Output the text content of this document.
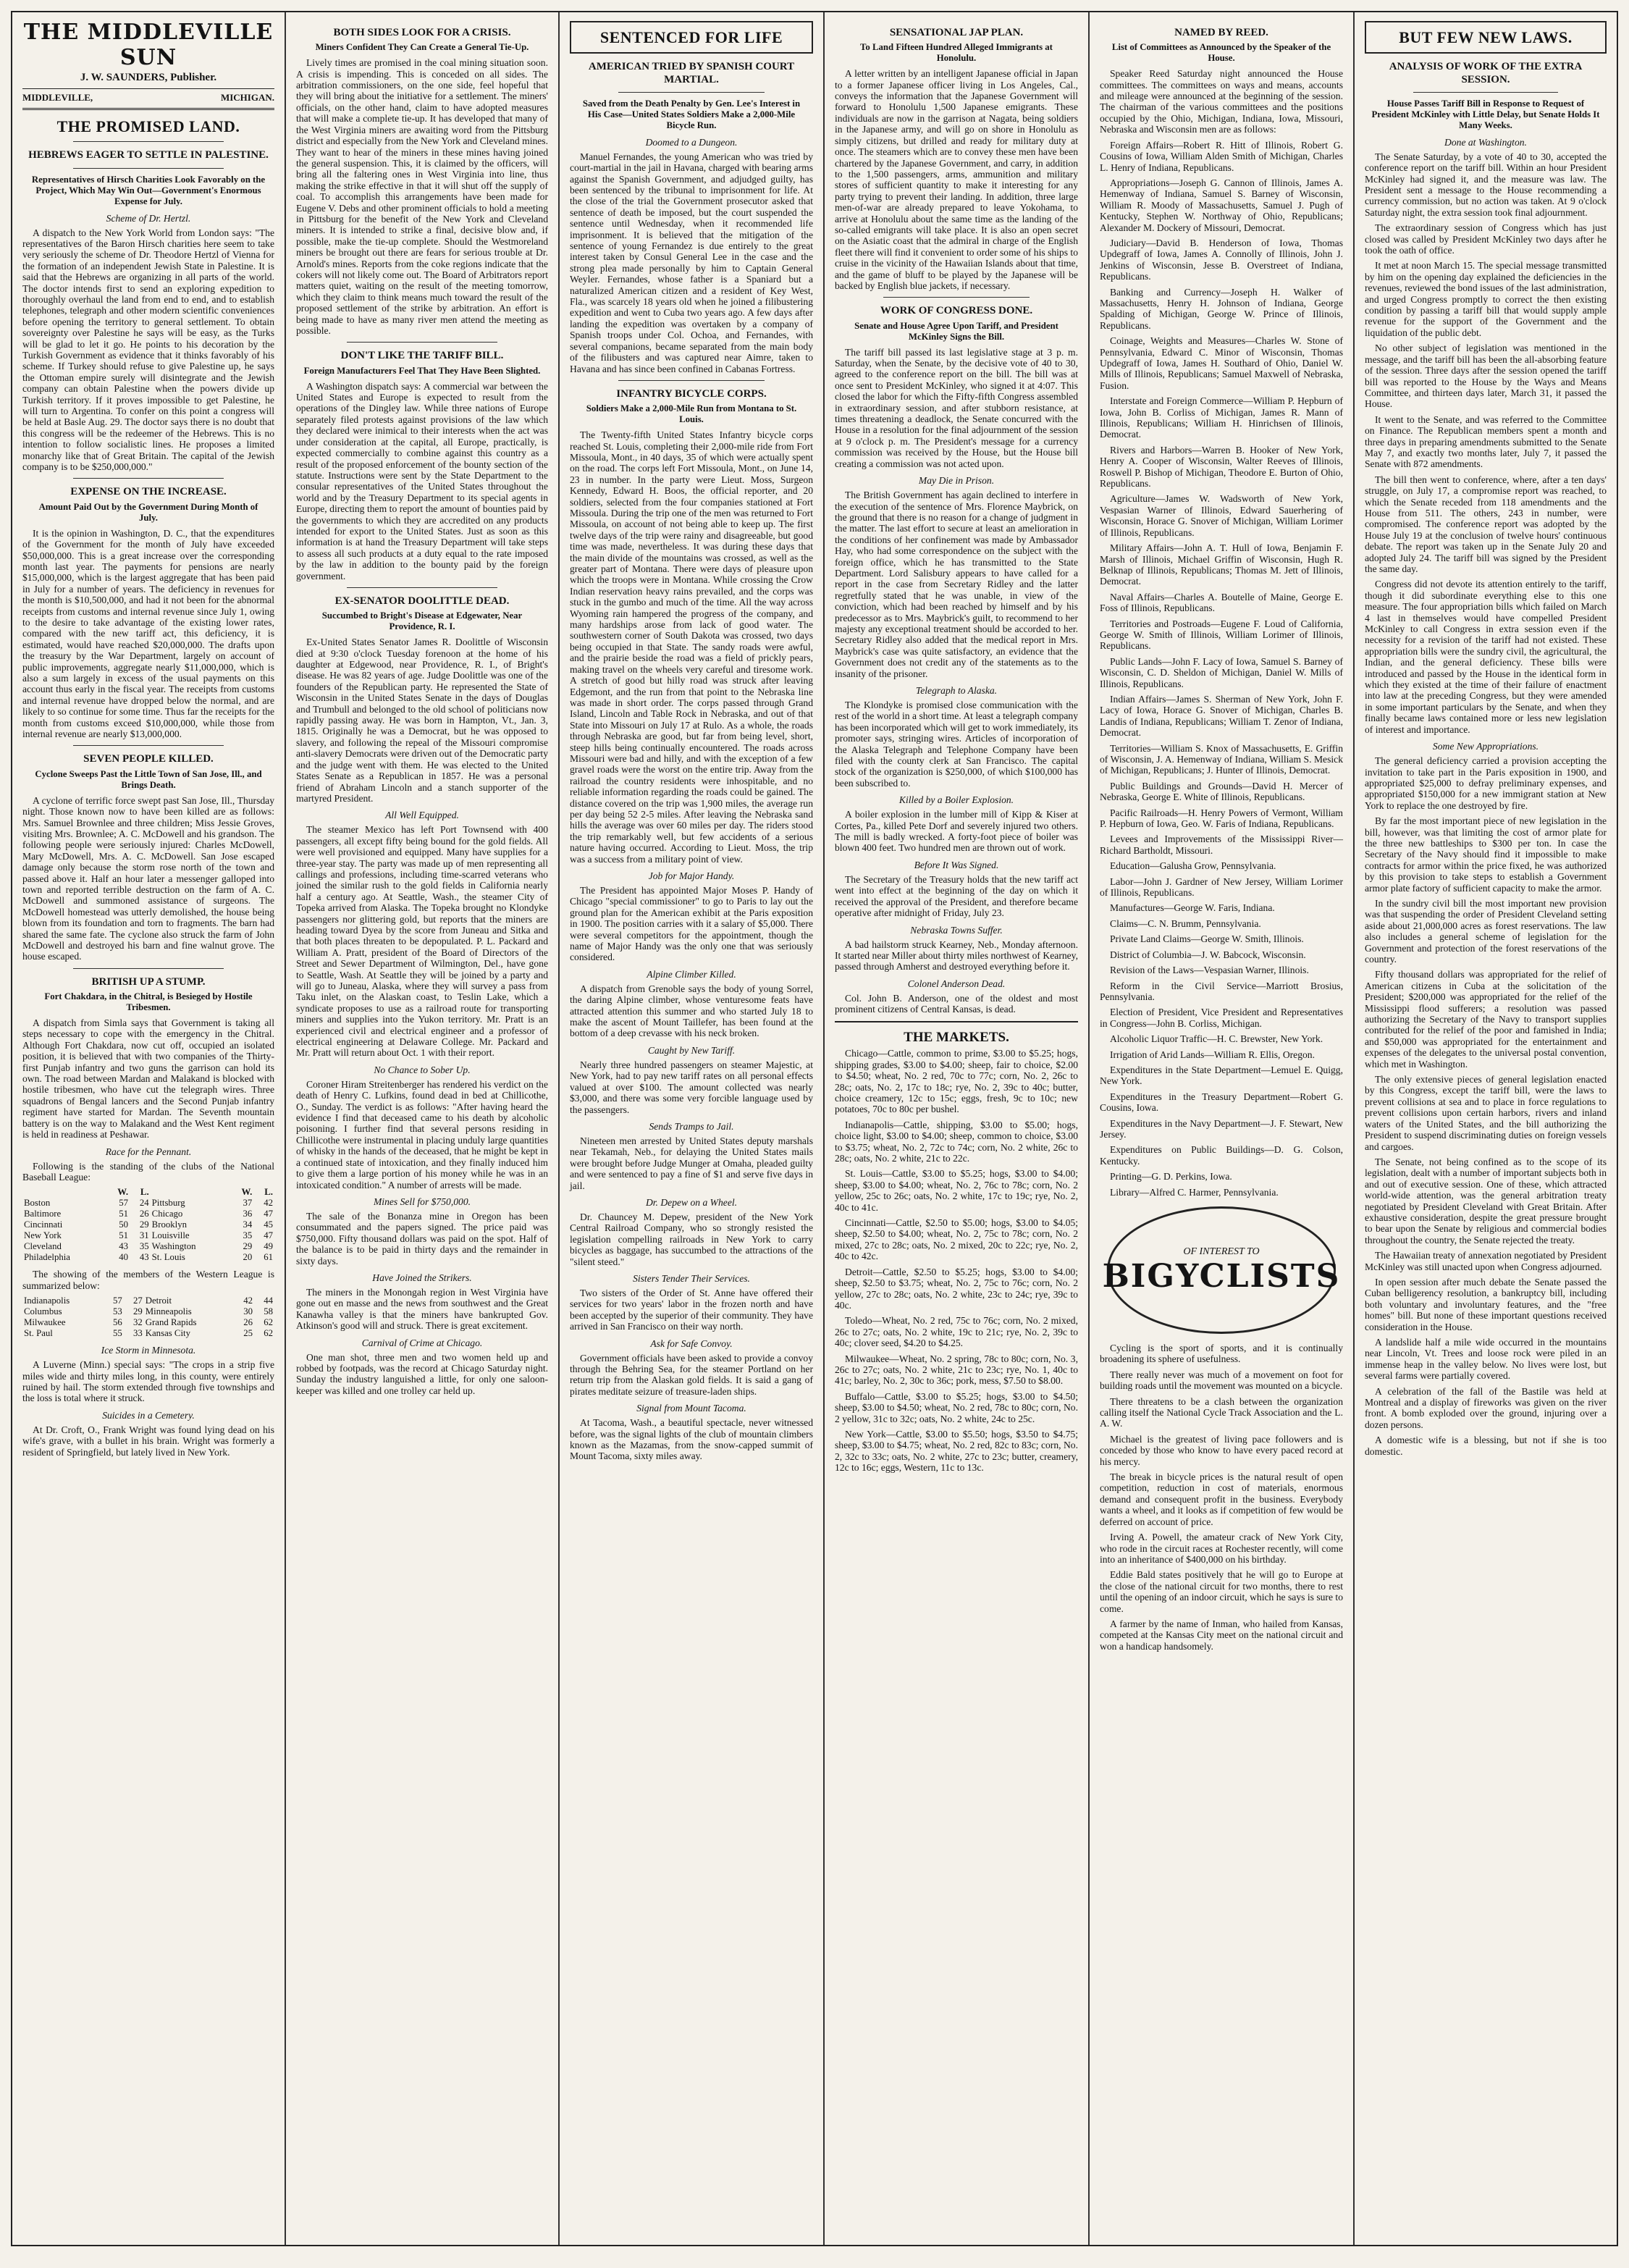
THE MIDDLEVILLE SUN
J. W. SAUNDERS, Publisher.
MIDDLEVILLE,	MICHIGAN.
THE PROMISED LAND.
HEBREWS EAGER TO SETTLE IN PALESTINE.
Representatives of Hirsch Charities Look Favorably on the Project, Which May Win Out—Government's Enormous Expense for July.
Scheme of Dr. Hertzl.

A dispatch to the New York World from London says: "The representatives of the Baron Hirsch charities here seem to take very seriously the scheme of Dr. Theodore Hertzl of Vienna for the formation of an independent Jewish State in Palestine. It is said that the Hebrews are organizing in all parts of the world. The doctor intends first to send an exploring expedition to thoroughly overhaul the land from end to end, and to establish telephones, telegraph and other modern scientific conveniences before opening the territory to general settlement. To obtain sovereignty over Palestine he says will be easy, as the Turks will be glad to let it go. He points to his decoration by the Turkish Government as evidence that it thinks favorably of his scheme. If Turkey should refuse to give Palestine up, he says the Ottoman empire surely will disintegrate and the Jewish company can obtain Palestine when the powers divide up Turkish territory. If it proves impossible to get Palestine, he will turn to Argentina. To confer on this point a congress will be held at Basle Aug. 29. The doctor says there is no doubt that this congress will be the redeemer of the Hebrews. This is no intention to follow socialistic lines. He proposes a limited monarchy like that of Great Britain. The capital of the Jewish company is to be $250,000,000."

EXPENSE ON THE INCREASE.
Amount Paid Out by the Government During Month of July.

It is the opinion in Washington, D. C., that the expenditures of the Government for the month of July have exceeded $50,000,000. This is a great increase over the corresponding month last year. The payments for pensions are nearly $15,000,000, which is the largest aggregate that has been paid in July for a number of years. The deficiency in revenues for the month is $10,500,000, and had it not been for the abnormal receipts from customs and internal revenue since July 1, owing to the desire to take advantage of the existing lower rates, compared with the new tariff act, this deficiency, it is estimated, would have reached $20,000,000. The drafts upon the treasury by the War Department, largely on account of public improvements, aggregate nearly $11,000,000, which is also a sum largely in excess of the usual payments on this account thus early in the fiscal year. The receipts from customs and internal revenue have dropped below the normal, and are likely to so continue for some time. Thus far the receipts for the month from customs exceed $10,000,000, while those from internal revenue are nearly $13,000,000.

SEVEN PEOPLE KILLED.
Cyclone Sweeps Past the Little Town of San Jose, Ill., and Brings Death.

A cyclone of terrific force swept past San Jose, Ill., Thursday night. Those known now to have been killed are as follows: Mrs. Samuel Brownlee and three children; Miss Jessie Groves, visiting Mrs. Brownlee; A. C. McDowell and his grandson. The following people were seriously injured: Charles McDowell, Mary McDowell, Mrs. A. C. McDowell. San Jose escaped damage only because the storm rose north of the town and passed above it. Half an hour later a messenger galloped into town and reported terrible destruction on the farm of A. C. McDowell and summoned assistance of surgeons. The McDowell homestead was utterly demolished, the house being blown from its foundation and torn to fragments. The barn had shared the same fate. The cyclone also struck the farm of John McDowell and destroyed his barn and fine walnut grove. The house escaped.

BRITISH UP A STUMP.
Fort Chakdara, in the Chitral, is Besieged by Hostile Tribesmen.

A dispatch from Simla says that Government is taking all steps necessary to cope with the emergency in the Chitral. Although Fort Chakdara, now cut off, occupied an isolated position, it is believed that with two companies of the Thirty-first Punjab infantry and two guns the garrison can hold its own. The road between Mardan and Malakand is blocked with hostile tribesmen, who have cut the telegraph wires. Three squadrons of Bengal lancers and the Second Punjab infantry regiment have started for Mardan. The Seventh mountain battery is on the way to Malakand and the West Kent regiment is held in readiness at Peshawar.

Race for the Pennant.

Following is the standing of the clubs of the National Baseball League:

	W.	L.		W.	L.
Boston	57	24	Pittsburg	37	42
Baltimore	51	26	Chicago	36	47
Cincinnati	50	29	Brooklyn	34	45
New York	51	31	Louisville	35	47
Cleveland	43	35	Washington	29	49
Philadelphia	40	43	St. Louis	20	61

The showing of the members of the Western League is summarized below:

Indianapolis	57	27	Detroit	42	44
Columbus	53	29	Minneapolis	30	58
Milwaukee	56	32	Grand Rapids	26	62
St. Paul	55	33	Kansas City	25	62
Ice Storm in Minnesota.

A Luverne (Minn.) special says: "The crops in a strip five miles wide and thirty miles long, in this county, were entirely ruined by hail. The storm extended through five townships and the loss is total where it struck.

Suicides in a Cemetery.

At Dr. Croft, O., Frank Wright was found lying dead on his wife's grave, with a bullet in his brain. Wright was formerly a resident of Springfield, but lately lived in New York.

BOTH SIDES LOOK FOR A CRISIS.
Miners Confident They Can Create a General Tie-Up.

Lively times are promised in the coal mining situation soon. A crisis is impending. This is conceded on all sides. The arbitration commissioners, on the one side, feel hopeful that they will bring about the initiative for a settlement. The miners' officials, on the other hand, claim to have adopted measures that will make a complete tie-up. It has developed that many of the West Virginia miners are awaiting word from the Pittsburg district and especially from the New York and Cleveland mines. They want to hear of the miners in these mines having joined the general suspension. This, it is claimed by the officers, will bring all the faltering ones in West Virginia into line, thus making the strike effective in that it will shut off the supply of coal. To accomplish this arrangements have been made for Eugene V. Debs and other prominent officials to hold a meeting in Pittsburg for the benefit of the New York and Cleveland miners. It is intended to strike a final, decisive blow and, if possible, make the tie-up complete. Should the Westmoreland miners be brought out there are fears for serious trouble at Dr. Arnold's mines. Reports from the coke regions indicate that the cokers will not likely come out. The Board of Arbitrators report matters quiet, waiting on the result of the meeting tomorrow, which they claim to think means much toward the result of the proposed settlement of the strike by arbitration. An effort is being made to have as many river men attend the meeting as possible.

DON'T LIKE THE TARIFF BILL.
Foreign Manufacturers Feel That They Have Been Slighted.

A Washington dispatch says: A commercial war between the United States and Europe is expected to result from the operations of the Dingley law. While three nations of Europe separately filed protests against provisions of the law which they declared were inimical to their interests when the act was under consideration at the capital, all Europe, practically, is expected commercially to combine against this country as a result of the proposed enforcement of the bounty section of the statute. Instructions were sent by the State Department to the consular representatives of the United States throughout the world and by the Treasury Department to its special agents in Europe, directing them to report the amount of bounties paid by the governments to which they are accredited on any products intended for export to the United States. Just as soon as this information is at hand the Treasury Department will take steps to assess all such products at a duty equal to the rate imposed by the law in addition to the bounty paid by the foreign government.

EX-SENATOR DOOLITTLE DEAD.
Succumbed to Bright's Disease at Edgewater, Near Providence, R. I.

Ex-United States Senator James R. Doolittle of Wisconsin died at 9:30 o'clock Tuesday forenoon at the home of his daughter at Edgewood, near Providence, R. I., of Bright's disease. He was 82 years of age. Judge Doolittle was one of the founders of the Republican party. He represented the State of Wisconsin in the United States Senate in the days of Douglas and Trumbull and belonged to the old school of politicians now rapidly passing away. He was born in Hampton, Vt., Jan. 3, 1815. Originally he was a Democrat, but he was opposed to slavery, and following the repeal of the Missouri compromise anti-slavery Democrats were driven out of the Democratic party and the judge went with them. He was elected to the United States Senate as a Republican in 1857. He was a personal friend of Abraham Lincoln and a stanch supporter of the martyred President.

All Well Equipped.

The steamer Mexico has left Port Townsend with 400 passengers, all except fifty being bound for the gold fields. All were well provisioned and equipped. Many have supplies for a three-year stay. The party was made up of men representing all callings and professions, including time-scarred veterans who joined the similar rush to the gold fields in California nearly half a century ago. At Seattle, Wash., the steamer City of Topeka arrived from Alaska. The Topeka brought no Klondyke passengers nor glittering gold, but reports that the miners are heading toward Dyea by the score from Juneau and Sitka and that both places threaten to be depopulated. P. L. Packard and William A. Pratt, president of the Board of Directors of the Street and Sewer Department of Wilmington, Del., have gone to Seattle, Wash. At Seattle they will be joined by a party and will go to Juneau, Alaska, where they will survey a pass from Taku inlet, on the Alaskan coast, to Teslin Lake, which a syndicate proposes to use as a railroad route for transporting miners and supplies into the Yukon territory. Mr. Pratt is an experienced civil and electrical engineer and a professor of electrical engineering at Delaware College. Mr. Packard and Mr. Pratt will return about Oct. 1 with their report.

No Chance to Sober Up.

Coroner Hiram Streitenberger has rendered his verdict on the death of Henry C. Lufkins, found dead in bed at Chillicothe, O., Sunday. The verdict is as follows: "After having heard the evidence I find that deceased came to his death by alcoholic poisoning. I further find that several persons residing in Chillicothe were instrumental in placing unduly large quantities of whisky in the hands of the deceased, that he might be kept in a continued state of intoxication, and they finally induced him to give them a large portion of his money while he was in an intoxicated condition." A number of arrests will be made.

Mines Sell for $750,000.

The sale of the Bonanza mine in Oregon has been consummated and the papers signed. The price paid was $750,000. Fifty thousand dollars was paid on the spot. Half of the balance is to be paid in thirty days and the remainder in sixty days.

Have Joined the Strikers.

The miners in the Monongah region in West Virginia have gone out en masse and the news from southwest and the Great Kanawha valley is that the miners have bankrupted Gov. Atkinson's good will and struck. There is great excitement.

Carnival of Crime at Chicago.

One man shot, three men and two women held up and robbed by footpads, was the record at Chicago Saturday night. Sunday the industry languished a little, for only one saloon-keeper was killed and one trolley car held up.

SENTENCED FOR LIFE
AMERICAN TRIED BY SPANISH COURT MARTIAL.
Saved from the Death Penalty by Gen. Lee's Interest in His Case—United States Soldiers Make a 2,000-Mile Bicycle Run.
Doomed to a Dungeon.

Manuel Fernandes, the young American who was tried by court-martial in the jail in Havana, charged with bearing arms against the Spanish Government, and adjudged guilty, has been sentenced by the tribunal to imprisonment for life. At the close of the trial the Government prosecutor asked that sentence of death be imposed, but the court suspended the sentence until Wednesday, when it recommended life imprisonment. It is believed that the mitigation of the sentence of young Fernandez is due entirely to the great interest taken by Consul General Lee in the case and the strong plea made personally by him to Captain General Weyler. Fernandes, whose father is a Spaniard but a naturalized American citizen and a resident of Key West, Fla., was scarcely 18 years old when he joined a filibustering expedition and went to Cuba two years ago. A few days after landing the expedition was overtaken by a company of Spanish troops under Col. Ochoa, and Fernandes, with several companions, became separated from the main body of the filibusters and was captured near Aimre, taken to Havana and has since been confined in Cabanas Fortress.

INFANTRY BICYCLE CORPS.
Soldiers Make a 2,000-Mile Run from Montana to St. Louis.

The Twenty-fifth United States Infantry bicycle corps reached St. Louis, completing their 2,000-mile ride from Fort Missoula, Mont., in 40 days, 35 of which were actually spent on the road. The corps left Fort Missoula, Mont., on June 14, 23 in number. In the party were Lieut. Moss, Surgeon Kennedy, Edward H. Boos, the official reporter, and 20 soldiers, selected from the four companies stationed at Fort Missoula. During the trip one of the men was returned to Fort Missoula, on account of not being able to keep up. The first twelve days of the trip were rainy and disagreeable, but good time was made, nevertheless. It was during these days that the main divide of the mountains was crossed, as well as the greater part of Montana. There were days of pleasure upon which the troops were in Montana. While crossing the Crow Indian reservation heavy rains prevailed, and the corps was stuck in the gumbo and much of the time. All the way across Wyoming rain hampered the progress of the company, and many hardships arose from lack of good water. The southwestern corner of South Dakota was crossed, two days being occupied in that State. The sandy roads were awful, and the prairie beside the road was a field of prickly pears, making travel on the wheels very careful and tiresome work. A stretch of good but hilly road was struck after leaving Edgemont, and the run from that point to the Nebraska line was made in short order. The corps passed through Grand Island, Lincoln and Table Rock in Nebraska, and out of that State into Missouri on July 17 at Rulo. As a whole, the roads through Nebraska are good, but far from being level, short, steep hills being continually encountered. The roads across Missouri were bad and hilly, and with the exception of a few gravel roads were the worst on the entire trip. Away from the railroad the country residents were inhospitable, and no reliable information regarding the roads could be gained. The distance covered on the trip was 1,900 miles, the average run per day being 52 2-5 miles. After leaving the Nebraska sand hills the average was over 60 miles per day. The riders stood the trip remarkably well, but few accidents of a serious nature having occurred. According to Lieut. Moss, the trip was a success from a military point of view.

Job for Major Handy.

The President has appointed Major Moses P. Handy of Chicago "special commissioner" to go to Paris to lay out the ground plan for the American exhibit at the Paris exposition in 1900. The position carries with it a salary of $5,000. There were several competitors for the appointment, though the name of Major Handy was the only one that was seriously considered.

Alpine Climber Killed.

A dispatch from Grenoble says the body of young Sorrel, the daring Alpine climber, whose venturesome feats have attracted attention this summer and who started July 18 to make the ascent of Mount Taillefer, has been found at the bottom of a deep crevasse with his neck broken.

Caught by New Tariff.

Nearly three hundred passengers on steamer Majestic, at New York, had to pay new tariff rates on all personal effects valued at over $100. The amount collected was nearly $3,000, and there was some very forcible language used by the passengers.

Sends Tramps to Jail.

Nineteen men arrested by United States deputy marshals near Tekamah, Neb., for delaying the United States mails were brought before Judge Munger at Omaha, pleaded guilty and were sentenced to pay a fine of $1 and serve five days in jail.

Dr. Depew on a Wheel.

Dr. Chauncey M. Depew, president of the New York Central Railroad Company, who so strongly resisted the legislation compelling railroads in New York to carry bicycles as baggage, has succumbed to the attractions of the "silent steed."

Sisters Tender Their Services.

Two sisters of the Order of St. Anne have offered their services for two years' labor in the frozen north and have been accepted by the superior of their community. They have arrived in San Francisco on their way north.

Ask for Safe Convoy.

Government officials have been asked to provide a convoy through the Behring Sea, for the steamer Portland on her return trip from the Alaskan gold fields. It is said a gang of pirates meditate seizure of treasure-laden ships.

Signal from Mount Tacoma.

At Tacoma, Wash., a beautiful spectacle, never witnessed before, was the signal lights of the club of mountain climbers known as the Mazamas, from the snow-capped summit of Mount Tacoma, sixty miles away.

SENSATIONAL JAP PLAN.
To Land Fifteen Hundred Alleged Immigrants at Honolulu.

A letter written by an intelligent Japanese official in Japan to a former Japanese officer living in Los Angeles, Cal., conveys the information that the Japanese Government will forward to Honolulu 1,500 Japanese emigrants. These individuals are now in the garrison at Nagata, being soldiers in the Japanese army, and will go on shore in Honolulu as simply citizens, but drilled and ready for military duty at once. The steamers which are to convey these men have been chartered by the Japanese Government, and carry, in addition to the 1,500 passengers, arms, ammunition and military stores of sufficient quantity to make it interesting for any party trying to prevent their landing. In addition, three large men-of-war are already prepared to leave Yokohama, to arrive at Honolulu about the same time as the landing of the so-called emigrants will take place. It is also an open secret on the Asiatic coast that the admiral in charge of the English fleet there will find it convenient to order some of his ships to cruise in the vicinity of the Hawaiian Islands about that time, and the game of bluff to be played by the Japanese will be backed by English blue jackets, if necessary.

WORK OF CONGRESS DONE.
Senate and House Agree Upon Tariff, and President McKinley Signs the Bill.

The tariff bill passed its last legislative stage at 3 p. m. Saturday, when the Senate, by the decisive vote of 40 to 30, agreed to the conference report on the bill. The bill was at once sent to President McKinley, who signed it at 4:07. This closed the labor for which the Fifty-fifth Congress assembled in extraordinary session, and after stubborn resistance, at times threatening a deadlock, the Senate concurred with the House in a resolution for the final adjournment of the session at 9 o'clock p. m. The President's message for a currency commission was received by the House, but the House bill creating a commission was not acted upon.

May Die in Prison.

The British Government has again declined to interfere in the execution of the sentence of Mrs. Florence Maybrick, on the ground that there is no reason for a change of judgment in the matter. The last effort to secure at least an amelioration in the conditions of her confinement was made by Ambassador Hay, who had some correspondence on the subject with the foreign office, which he has transmitted to the State Department. Lord Salisbury appears to have called for a report in the case from Secretary Ridley and the latter regretfully stated that he was unable, in view of the conviction, which had been reached by himself and by his predecessor as to Mrs. Maybrick's guilt, to recommend to her majesty any exceptional treatment should be accorded to her. Secretary Ridley also added that the medical report in Mrs. Maybrick's case was quite satisfactory, an evidence that the Government does not credit any of the statements as to the insanity of the prisoner.

Telegraph to Alaska.

The Klondyke is promised close communication with the rest of the world in a short time. At least a telegraph company has been incorporated which will get to work immediately, its promoter says, stringing wires. Articles of incorporation of the Alaska Telegraph and Telephone Company have been filed with the county clerk at San Francisco. The capital stock of the organization is $250,000, of which $100,000 has been subscribed to.

Killed by a Boiler Explosion.

A boiler explosion in the lumber mill of Kipp & Kiser at Cortes, Pa., killed Pete Dorf and severely injured two others. The mill is badly wrecked. A forty-foot piece of boiler was blown 400 feet. Two hundred men are thrown out of work.

Before It Was Signed.

The Secretary of the Treasury holds that the new tariff act went into effect at the beginning of the day on which it received the approval of the President, and therefore became operative after midnight of Friday, July 23.

Nebraska Towns Suffer.

A bad hailstorm struck Kearney, Neb., Monday afternoon. It started near Miller about thirty miles northwest of Kearney, passed through Amherst and destroyed everything before it.

Colonel Anderson Dead.

Col. John B. Anderson, one of the oldest and most prominent citizens of Central Kansas, is dead.

THE MARKETS.

Chicago—Cattle, common to prime, $3.00 to $5.25; hogs, shipping grades, $3.00 to $4.00; sheep, fair to choice, $2.00 to $4.50; wheat, No. 2 red, 70c to 77c; corn, No. 2, 26c to 28c; oats, No. 2, 17c to 18c; rye, No. 2, 39c to 40c; butter, choice creamery, 12c to 15c; eggs, fresh, 9c to 10c; new potatoes, 70c to 80c per bushel.

Indianapolis—Cattle, shipping, $3.00 to $5.00; hogs, choice light, $3.00 to $4.00; sheep, common to choice, $3.00 to $3.75; wheat, No. 2, 72c to 74c; corn, No. 2 white, 26c to 28c; oats, No. 2 white, 21c to 22c.

St. Louis—Cattle, $3.00 to $5.25; hogs, $3.00 to $4.00; sheep, $3.00 to $4.00; wheat, No. 2, 76c to 78c; corn, No. 2 yellow, 25c to 26c; oats, No. 2 white, 17c to 19c; rye, No. 2, 40c to 41c.

Cincinnati—Cattle, $2.50 to $5.00; hogs, $3.00 to $4.05; sheep, $2.50 to $4.00; wheat, No. 2, 75c to 78c; corn, No. 2 mixed, 27c to 28c; oats, No. 2 mixed, 20c to 22c; rye, No. 2, 40c to 42c.

Detroit—Cattle, $2.50 to $5.25; hogs, $3.00 to $4.00; sheep, $2.50 to $3.75; wheat, No. 2, 75c to 76c; corn, No. 2 yellow, 27c to 28c; oats, No. 2 white, 23c to 24c; rye, 39c to 40c.

Toledo—Wheat, No. 2 red, 75c to 76c; corn, No. 2 mixed, 26c to 27c; oats, No. 2 white, 19c to 21c; rye, No. 2, 39c to 40c; clover seed, $4.20 to $4.25.

Milwaukee—Wheat, No. 2 spring, 78c to 80c; corn, No. 3, 26c to 27c; oats, No. 2 white, 21c to 23c; rye, No. 1, 40c to 41c; barley, No. 2, 30c to 36c; pork, mess, $7.50 to $8.00.

Buffalo—Cattle, $3.00 to $5.25; hogs, $3.00 to $4.50; sheep, $3.00 to $4.50; wheat, No. 2 red, 78c to 80c; corn, No. 2 yellow, 31c to 32c; oats, No. 2 white, 24c to 25c.

New York—Cattle, $3.00 to $5.50; hogs, $3.50 to $4.75; sheep, $3.00 to $4.75; wheat, No. 2 red, 82c to 83c; corn, No. 2, 32c to 33c; oats, No. 2 white, 27c to 23c; butter, creamery, 12c to 16c; eggs, Western, 11c to 13c.

NAMED BY REED.
List of Committees as Announced by the Speaker of the House.

Speaker Reed Saturday night announced the House committees. The committees on ways and means, accounts and mileage were announced at the beginning of the session. The chairman of the various committees and the positions occupied by the Ohio, Michigan, Indiana, Iowa, Missouri, Nebraska and Wisconsin men are as follows:

Foreign Affairs—Robert R. Hitt of Illinois, Robert G. Cousins of Iowa, William Alden Smith of Michigan, Charles L. Henry of Indiana, Republicans.

Appropriations—Joseph G. Cannon of Illinois, James A. Hemenway of Indiana, Samuel S. Barney of Wisconsin, William R. Moody of Massachusetts, Samuel J. Pugh of Kentucky, Stephen W. Northway of Ohio, Republicans; Alexander M. Dockery of Missouri, Democrat.

Judiciary—David B. Henderson of Iowa, Thomas Updegraff of Iowa, James A. Connolly of Illinois, John J. Jenkins of Wisconsin, Jesse B. Overstreet of Indiana, Republicans.

Banking and Currency—Joseph H. Walker of Massachusetts, Henry H. Johnson of Indiana, George Spalding of Michigan, George W. Prince of Illinois, Republicans.

Coinage, Weights and Measures—Charles W. Stone of Pennsylvania, Edward C. Minor of Wisconsin, Thomas Updegraff of Iowa, James H. Southard of Ohio, Daniel W. Mills of Illinois, Republicans; Samuel Maxwell of Nebraska, Fusion.

Interstate and Foreign Commerce—William P. Hepburn of Iowa, John B. Corliss of Michigan, James R. Mann of Illinois, Republicans; William H. Hinrichsen of Illinois, Democrat.

Rivers and Harbors—Warren B. Hooker of New York, Henry A. Cooper of Wisconsin, Walter Reeves of Illinois, Roswell P. Bishop of Michigan, Theodore E. Burton of Ohio, Republicans.

Agriculture—James W. Wadsworth of New York, Vespasian Warner of Illinois, Edward Sauerhering of Wisconsin, Horace G. Snover of Michigan, William Lorimer of Illinois, Republicans.

Military Affairs—John A. T. Hull of Iowa, Benjamin F. Marsh of Illinois, Michael Griffin of Wisconsin, Hugh R. Belknap of Illinois, Republicans; Thomas M. Jett of Illinois, Democrat.

Naval Affairs—Charles A. Boutelle of Maine, George E. Foss of Illinois, Republicans.

Territories and Postroads—Eugene F. Loud of California, George W. Smith of Illinois, William Lorimer of Illinois, Republicans.

Public Lands—John F. Lacy of Iowa, Samuel S. Barney of Wisconsin, C. D. Sheldon of Michigan, Daniel W. Mills of Illinois, Republicans.

Indian Affairs—James S. Sherman of New York, John F. Lacy of Iowa, Horace G. Snover of Michigan, Charles B. Landis of Indiana, Republicans; William T. Zenor of Indiana, Democrat.

Territories—William S. Knox of Massachusetts, E. Griffin of Wisconsin, J. A. Hemenway of Indiana, William S. Mesick of Michigan, Republicans; J. Hunter of Illinois, Democrat.

Public Buildings and Grounds—David H. Mercer of Nebraska, George E. White of Illinois, Republicans.

Pacific Railroads—H. Henry Powers of Vermont, William P. Hepburn of Iowa, Geo. W. Faris of Indiana, Republicans.

Levees and Improvements of the Mississippi River—Richard Bartholdt, Missouri.

Education—Galusha Grow, Pennsylvania.

Labor—John J. Gardner of New Jersey, William Lorimer of Illinois, Republicans.

Manufactures—George W. Faris, Indiana.

Claims—C. N. Brumm, Pennsylvania.

Private Land Claims—George W. Smith, Illinois.

District of Columbia—J. W. Babcock, Wisconsin.

Revision of the Laws—Vespasian Warner, Illinois.

Reform in the Civil Service—Marriott Brosius, Pennsylvania.

Election of President, Vice President and Representatives in Congress—John B. Corliss, Michigan.

Alcoholic Liquor Traffic—H. C. Brewster, New York.

Irrigation of Arid Lands—William R. Ellis, Oregon.

Expenditures in the State Department—Lemuel E. Quigg, New York.

Expenditures in the Treasury Department—Robert G. Cousins, Iowa.

Expenditures in the Navy Department—J. F. Stewart, New Jersey.

Expenditures on Public Buildings—D. G. Colson, Kentucky.

Printing—G. D. Perkins, Iowa.

Library—Alfred C. Harmer, Pennsylvania.

OF INTEREST TO
BIGYCLISTS

Cycling is the sport of sports, and it is continually broadening its sphere of usefulness.

There really never was much of a movement on foot for building roads until the movement was mounted on a bicycle.

There threatens to be a clash between the organization calling itself the National Cycle Track Association and the L. A. W.

Michael is the greatest of living pace followers and is conceded by those who know to have every paced record at his mercy.

The break in bicycle prices is the natural result of open competition, reduction in cost of materials, enormous demand and consequent profit in the business. Everybody wants a wheel, and it looks as if competition of few would be deferred on account of price.

Irving A. Powell, the amateur crack of New York City, who rode in the circuit races at Rochester recently, will come into an inheritance of $400,000 on his birthday.

Eddie Bald states positively that he will go to Europe at the close of the national circuit for two months, there to rest until the opening of an indoor circuit, which he says is sure to come.

A farmer by the name of Inman, who hailed from Kansas, competed at the Kansas City meet on the national circuit and won a handicap handsomely.

BUT FEW NEW LAWS.
ANALYSIS OF WORK OF THE EXTRA SESSION.
House Passes Tariff Bill in Response to Request of President McKinley with Little Delay, but Senate Holds It Many Weeks.
Done at Washington.

The Senate Saturday, by a vote of 40 to 30, accepted the conference report on the tariff bill. Within an hour President McKinley had signed it, and the measure was law. The President sent a message to the House recommending a currency commission, but no action was taken. At 9 o'clock Saturday night, the extra session took final adjournment.

The extraordinary session of Congress which has just closed was called by President McKinley two days after he took the oath of office.

It met at noon March 15. The special message transmitted by him on the opening day explained the deficiencies in the revenues, reviewed the bond issues of the last administration, and urged Congress promptly to correct the then existing condition by passing a tariff bill that would supply ample revenue for the support of the Government and the liquidation of the public debt.

No other subject of legislation was mentioned in the message, and the tariff bill has been the all-absorbing feature of the session. Three days after the session opened the tariff bill was reported to the House by the Ways and Means Committee, and thirteen days later, March 31, it passed the House.

It went to the Senate, and was referred to the Committee on Finance. The Republican members spent a month and three days in preparing amendments submitted to the Senate May 7, and exactly two months later, July 7, it passed the Senate with 872 amendments.

The bill then went to conference, where, after a ten days' struggle, on July 17, a compromise report was reached, to which the Senate receded from 118 amendments and the House from 511. The others, 243 in number, were compromised. The conference report was adopted by the House July 19 at the conclusion of twelve hours' continuous debate. The report was taken up in the Senate July 20 and adopted July 24. The tariff bill was signed by the President the same day.

Congress did not devote its attention entirely to the tariff, though it did subordinate everything else to this one measure. The four appropriation bills which failed on March 4 last in themselves would have compelled President McKinley to call Congress in extra session even if the necessity for a revision of the tariff had not existed. These appropriation bills were the sundry civil, the agricultural, the Indian, and the general deficiency. These bills were introduced and passed by the House in the identical form in which they existed at the time of their failure of enactment into law at the preceding Congress, but they were amended in some important particulars by the Senate, and when they finally became laws contained more or less new legislation of interest and importance.

Some New Appropriations.

The general deficiency carried a provision accepting the invitation to take part in the Paris exposition in 1900, and appropriated $25,000 to defray preliminary expenses, and appropriated $150,000 for a new immigrant station at New York to replace the one destroyed by fire.

By far the most important piece of new legislation in the bill, however, was that limiting the cost of armor plate for the three new battleships to $300 per ton. In case the Secretary of the Navy should find it impossible to make contracts for armor within the price fixed, he was authorized by this provision to take steps to establish a Government armor plate factory of sufficient capacity to make the armor.

In the sundry civil bill the most important new provision was that suspending the order of President Cleveland setting aside about 21,000,000 acres as forest reservations. The law also includes a general scheme of legislation for the Government and protection of the forest reservations of the country.

Fifty thousand dollars was appropriated for the relief of American citizens in Cuba at the solicitation of the President; $200,000 was appropriated for the relief of the Mississippi flood sufferers; a resolution was passed authorizing the Secretary of the Navy to transport supplies contributed for the relief of the poor and famished in India; and $50,000 was appropriated for the entertainment and expenses of the delegates to the universal postal convention, which met in Washington.

The only extensive pieces of general legislation enacted by this Congress, except the tariff bill, were the laws to prevent collisions at sea and to place in force regulations to prevent collisions upon certain harbors, rivers and inland waters of the United States, and the bill authorizing the President to suspend discriminating duties on foreign vessels and cargoes.

The Senate, not being confined as to the scope of its legislation, dealt with a number of important subjects both in and out of executive session. One of these, which attracted world-wide attention, was the general arbitration treaty negotiated by President Cleveland with Great Britain. After exhaustive consideration, despite the great pressure brought to bear upon the Senate by religious and commercial bodies throughout the country, the Senate rejected the treaty.

The Hawaiian treaty of annexation negotiated by President McKinley was still unacted upon when Congress adjourned.

In open session after much debate the Senate passed the Cuban belligerency resolution, a bankruptcy bill, including both voluntary and involuntary features, and the "free homes" bill. But none of these important questions received consideration in the House.

A landslide half a mile wide occurred in the mountains near Lincoln, Vt. Trees and loose rock were piled in an immense heap in the valley below. No lives were lost, but several farms were partially covered.

A celebration of the fall of the Bastile was held at Montreal and a display of fireworks was given on the river front. A bomb exploded over the ground, injuring over a dozen persons.

A domestic wife is a blessing, but not if she is too domestic.
